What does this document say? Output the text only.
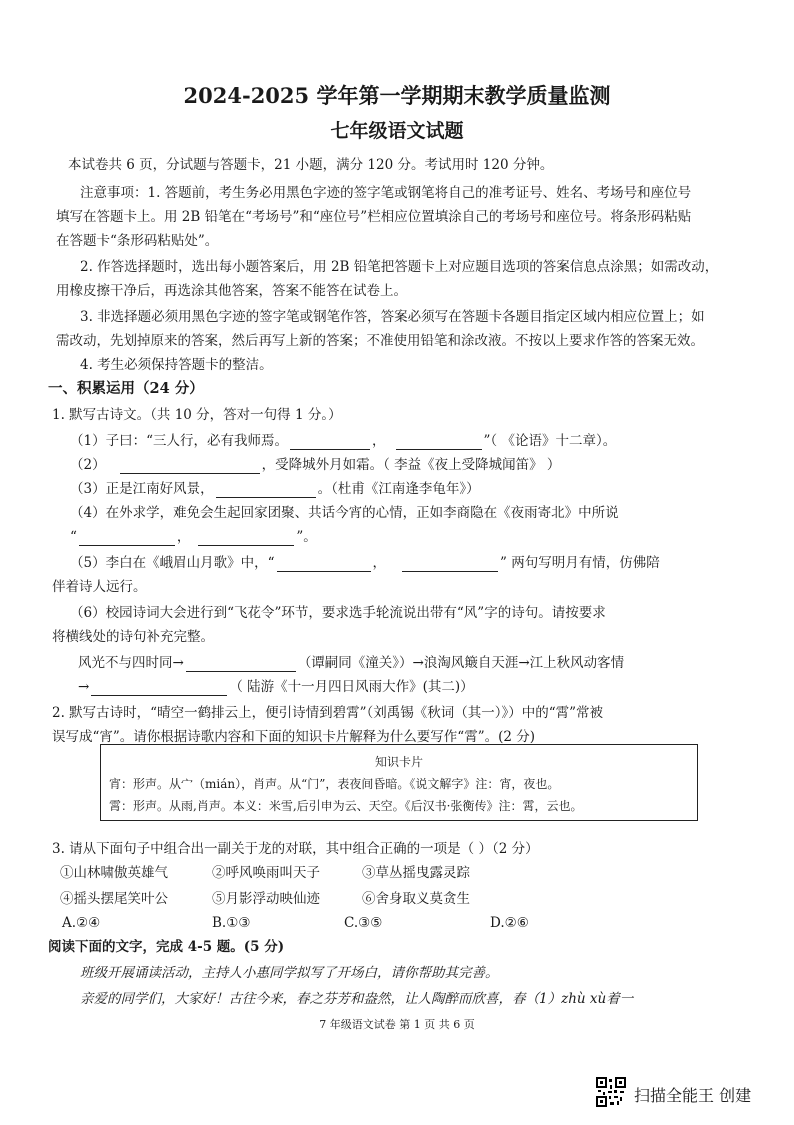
2024-2025 学年第一学期期末教学质量监测
七年级语文试题
本试卷共 6 页，分试题与答题卡，21 小题，满分 120 分。考试用时 120 分钟。
注意事项：1. 答题前，考生务必用黑色字迹的签字笔或钢笔将自己的准考证号、姓名、考场号和座位号
填写在答题卡上。用 2B 铅笔在“考场号”和“座位号”栏相应位置填涂自己的考场号和座位号。将条形码粘贴
在答题卡“条形码粘贴处”。
2. 作答选择题时，选出每小题答案后，用 2B 铅笔把答题卡上对应题目选项的答案信息点涂黑；如需改动，
用橡皮擦干净后，再选涂其他答案，答案不能答在试卷上。
3. 非选择题必须用黑色字迹的签字笔或钢笔作答，答案必须写在答题卡各题目指定区域内相应位置上；如
需改动，先划掉原来的答案，然后再写上新的答案；不准使用铅笔和涂改液。不按以上要求作答的答案无效。
4. 考生必须保持答题卡的整洁。
一、积累运用（24 分）
1. 默写古诗文。（共 10 分，答对一句得 1 分。）
（1）子曰：“三人行，必有我师焉。	，	”（ 《论语》十二章）。
（2）	，受降城外月如霜。（ 李益《夜上受降城闻笛》 ）
（3）正是江南好风景，	。（杜甫《江南逢李龟年》）
（4）在外求学，难免会生起回家团聚、共话今宵的心情，正如李商隐在《夜雨寄北》中所说
“	，	”。
（5）李白在《峨眉山月歌》中，“	，	” 两句写明月有情，仿佛陪
伴着诗人远行。
（6）校园诗词大会进行到“飞花令”环节，要求选手轮流说出带有“风”字的诗句。请按要求
将横线处的诗句补充完整。
风光不与四时同→	（谭嗣同《潼关》）→浪淘风簸自天涯→江上秋风动客情
→	（ 陆游《十一月四日风雨大作》(其二)）
2. 默写古诗时，“晴空一鹤排云上，便引诗情到碧霄”（刘禹锡《秋词（其一）》）中的“霄”常被
误写成“宵”。请你根据诗歌内容和下面的知识卡片解释为什么要写作“霄”。(2 分)
知识卡片
宵：形声。从宀（mián），肖声。从“门”，表夜间昏暗。《说文解字》注：宵，夜也。
霄：形声。从雨,肖声。本义：米雪,后引申为云、天空。《后汉书·张衡传》注：霄，云也。
3. 请从下面句子中组合出一副关于龙的对联，其中组合正确的一项是（ ）（2 分）
①山林啸傲英雄气	②呼风唤雨叫天子	③草丛摇曳露灵踪
④摇头摆尾笑叶公	⑤月影浮动映仙迹	⑥舍身取义莫贪生
A.②④	B.①③	C.③⑤	D.②⑥
阅读下面的文字，完成 4-5 题。(5 分)
班级开展诵读活动，主持人小惠同学拟写了开场白，请你帮助其完善。
亲爱的同学们，大家好！古往今来，春之芬芳和盎然，让人陶醉而欣喜，春（1）zhù xù着一
7 年级语文试卷 第 1 页 共 6 页
扫描全能王 创建
